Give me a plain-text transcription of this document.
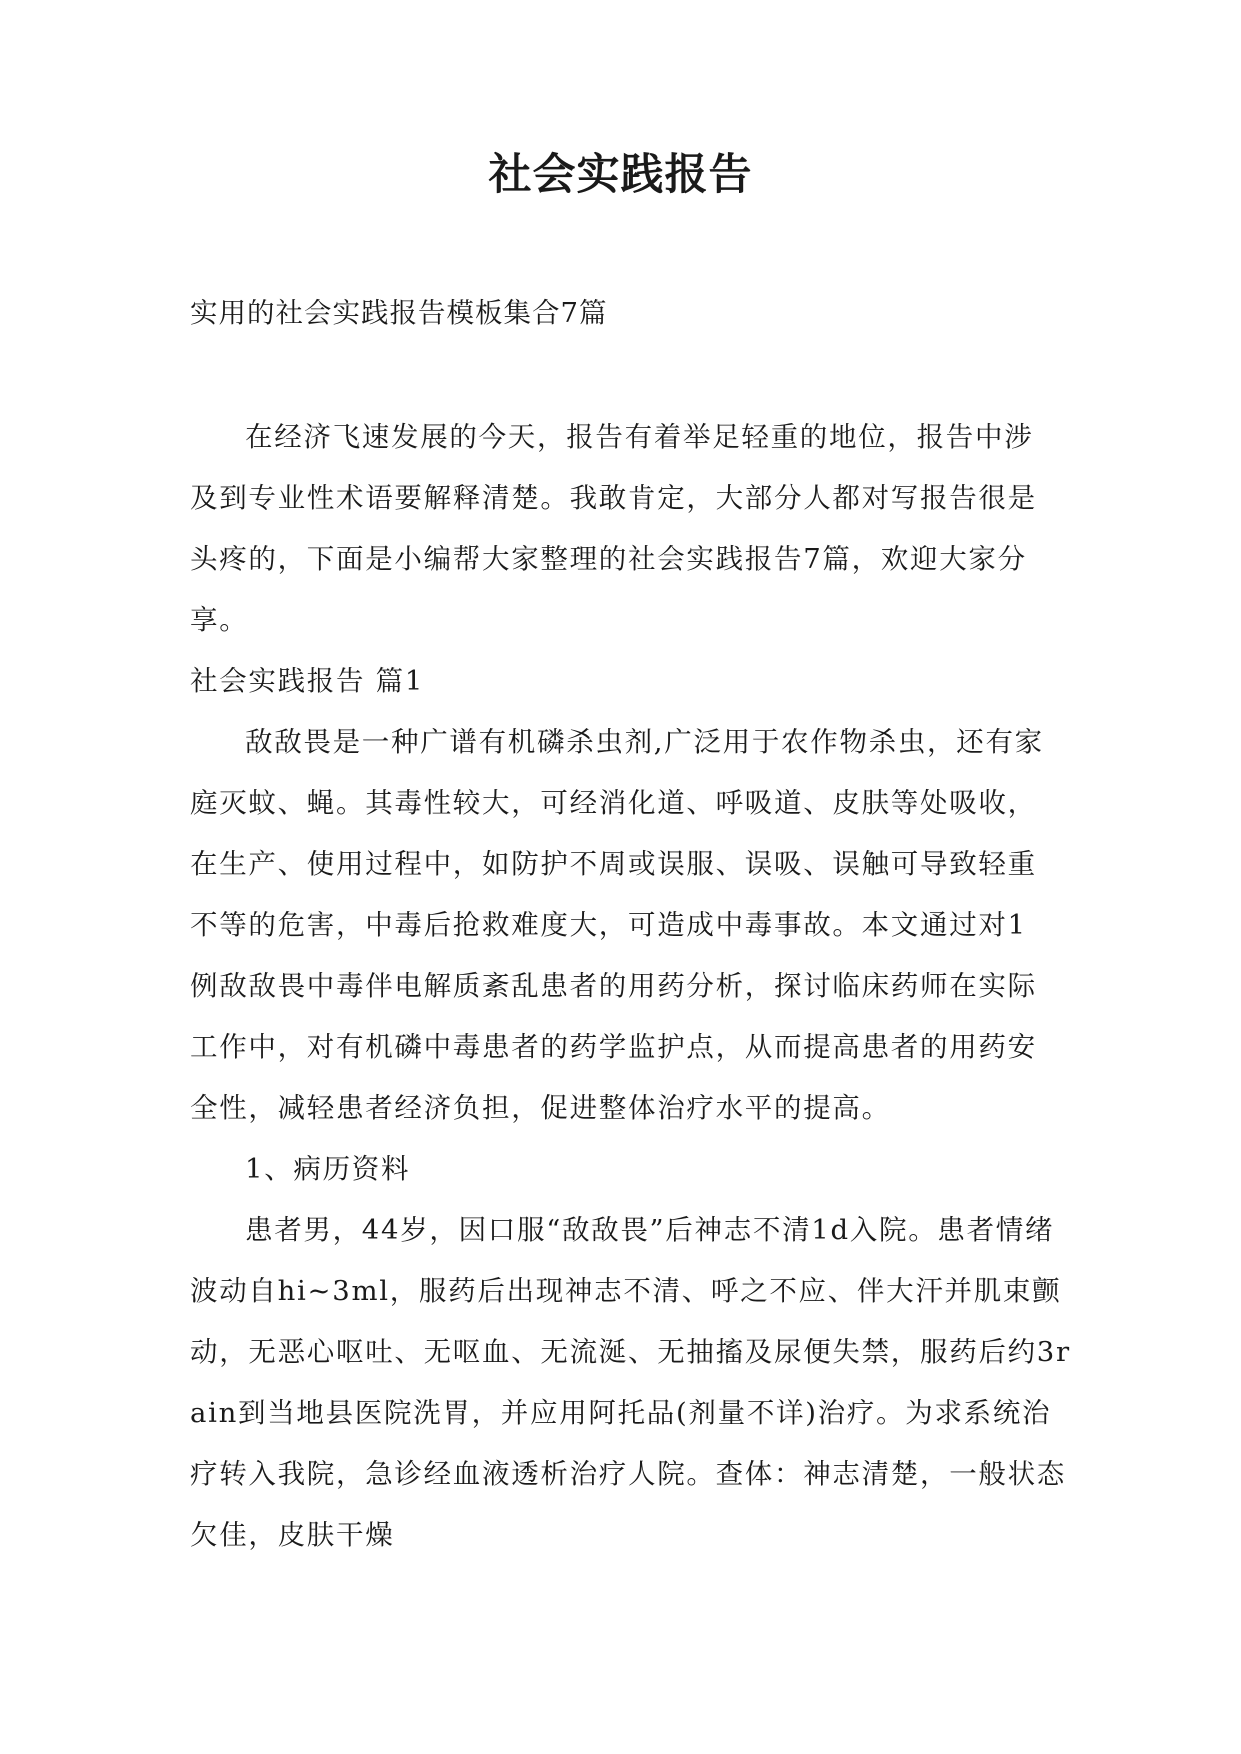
社会实践报告
实用的社会实践报告模板集合7篇

在经济飞速发展的今天，报告有着举足轻重的地位，报告中涉及到专业性术语要解释清楚。我敢肯定，大部分人都对写报告很是头疼的，下面是小编帮大家整理的社会实践报告7篇，欢迎大家分享。

社会实践报告 篇1

敌敌畏是一种广谱有机磷杀虫剂,广泛用于农作物杀虫，还有家庭灭蚊、蝇。其毒性较大，可经消化道、呼吸道、皮肤等处吸收，在生产、使用过程中，如防护不周或误服、误吸、误触可导致轻重不等的危害，中毒后抢救难度大，可造成中毒事故。本文通过对1例敌敌畏中毒伴电解质紊乱患者的用药分析，探讨临床药师在实际工作中，对有机磷中毒患者的药学监护点，从而提高患者的用药安全性，减轻患者经济负担，促进整体治疗水平的提高。

1、病历资料

患者男，44岁，因口服“敌敌畏”后神志不清1d入院。患者情绪波动自hi~3ml，服药后出现神志不清、呼之不应、伴大汗并肌束颤动，无恶心呕吐、无呕血、无流涎、无抽搐及尿便失禁，服药后约3rain到当地县医院洗胃，并应用阿托品(剂量不详)治疗。为求系统治疗转入我院，急诊经血液透析治疗人院。查体：神志清楚，一般状态欠佳，皮肤干燥
